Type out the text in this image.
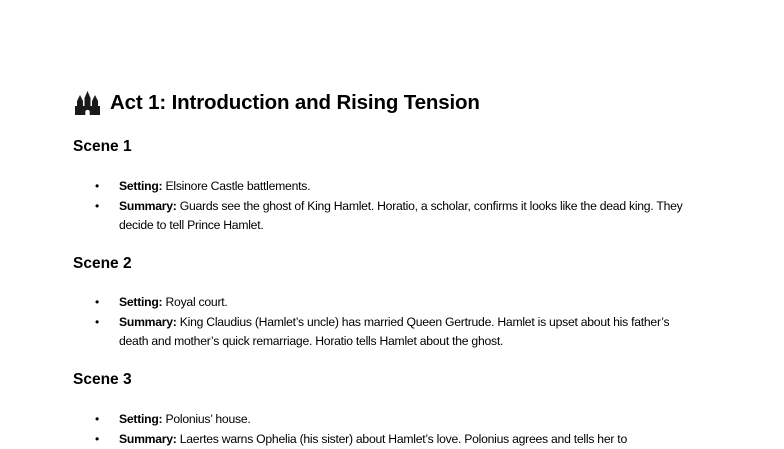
Act 1: Introduction and Rising Tension
Scene 1
• Setting: Elsinore Castle battlements.
• Summary: Guards see the ghost of King Hamlet. Horatio, a scholar, confirms it looks like the dead king. They decide to tell Prince Hamlet.
Scene 2
• Setting: Royal court.
• Summary: King Claudius (Hamlet’s uncle) has married Queen Gertrude. Hamlet is upset about his father’s death and mother’s quick remarriage. Horatio tells Hamlet about the ghost.
Scene 3
• Setting: Polonius’ house.
• Summary: Laertes warns Ophelia (his sister) about Hamlet’s love. Polonius agrees and tells her to
